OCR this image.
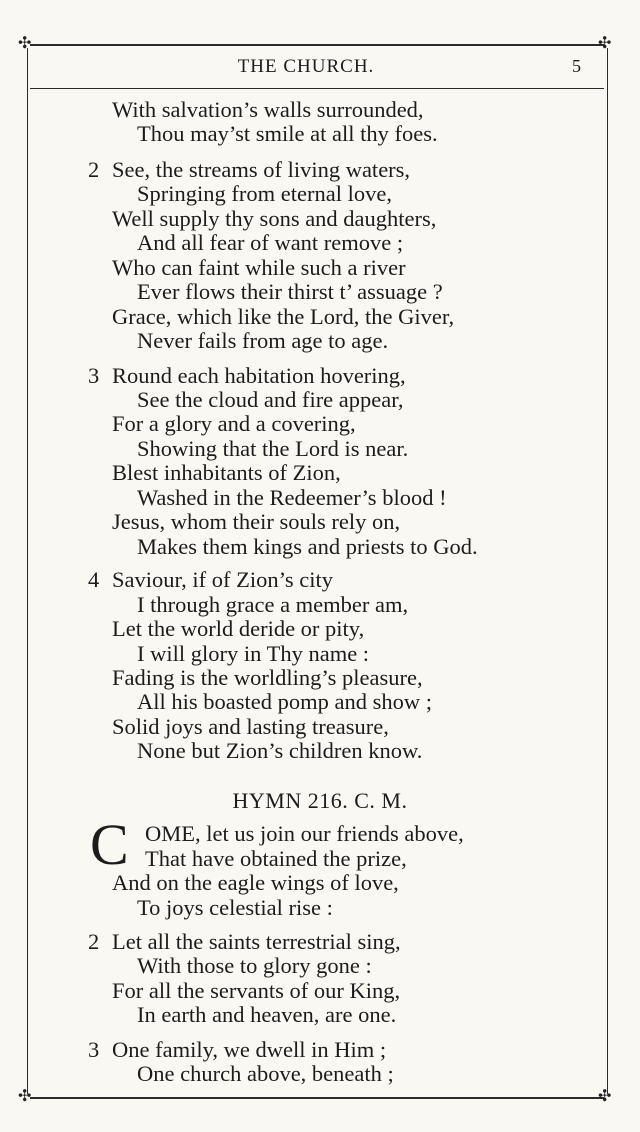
✣	✣
✣	✣
THE CHURCH.	5
With salvation’s walls surrounded,
Thou may’st smile at all thy foes.
2 See, the streams of living waters,
Springing from eternal love,
Well supply thy sons and daughters,
And all fear of want remove ;
Who can faint while such a river
Ever flows their thirst t’ assuage ?
Grace, which like the Lord, the Giver,
Never fails from age to age.
3 Round each habitation hovering,
See the cloud and fire appear,
For a glory and a covering,
Showing that the Lord is near.
Blest inhabitants of Zion,
Washed in the Redeemer’s blood !
Jesus, whom their souls rely on,
Makes them kings and priests to God.
4 Saviour, if of Zion’s city
I through grace a member am,
Let the world deride or pity,
I will glory in Thy name :
Fading is the worldling’s pleasure,
All his boasted pomp and show ;
Solid joys and lasting treasure,
None but Zion’s children know.
HYMN 216. C. M.
C OME, let us join our friends above,
That have obtained the prize,
And on the eagle wings of love,
To joys celestial rise :
2 Let all the saints terrestrial sing,
With those to glory gone :
For all the servants of our King,
In earth and heaven, are one.
3 One family, we dwell in Him ;
One church above, beneath ;
